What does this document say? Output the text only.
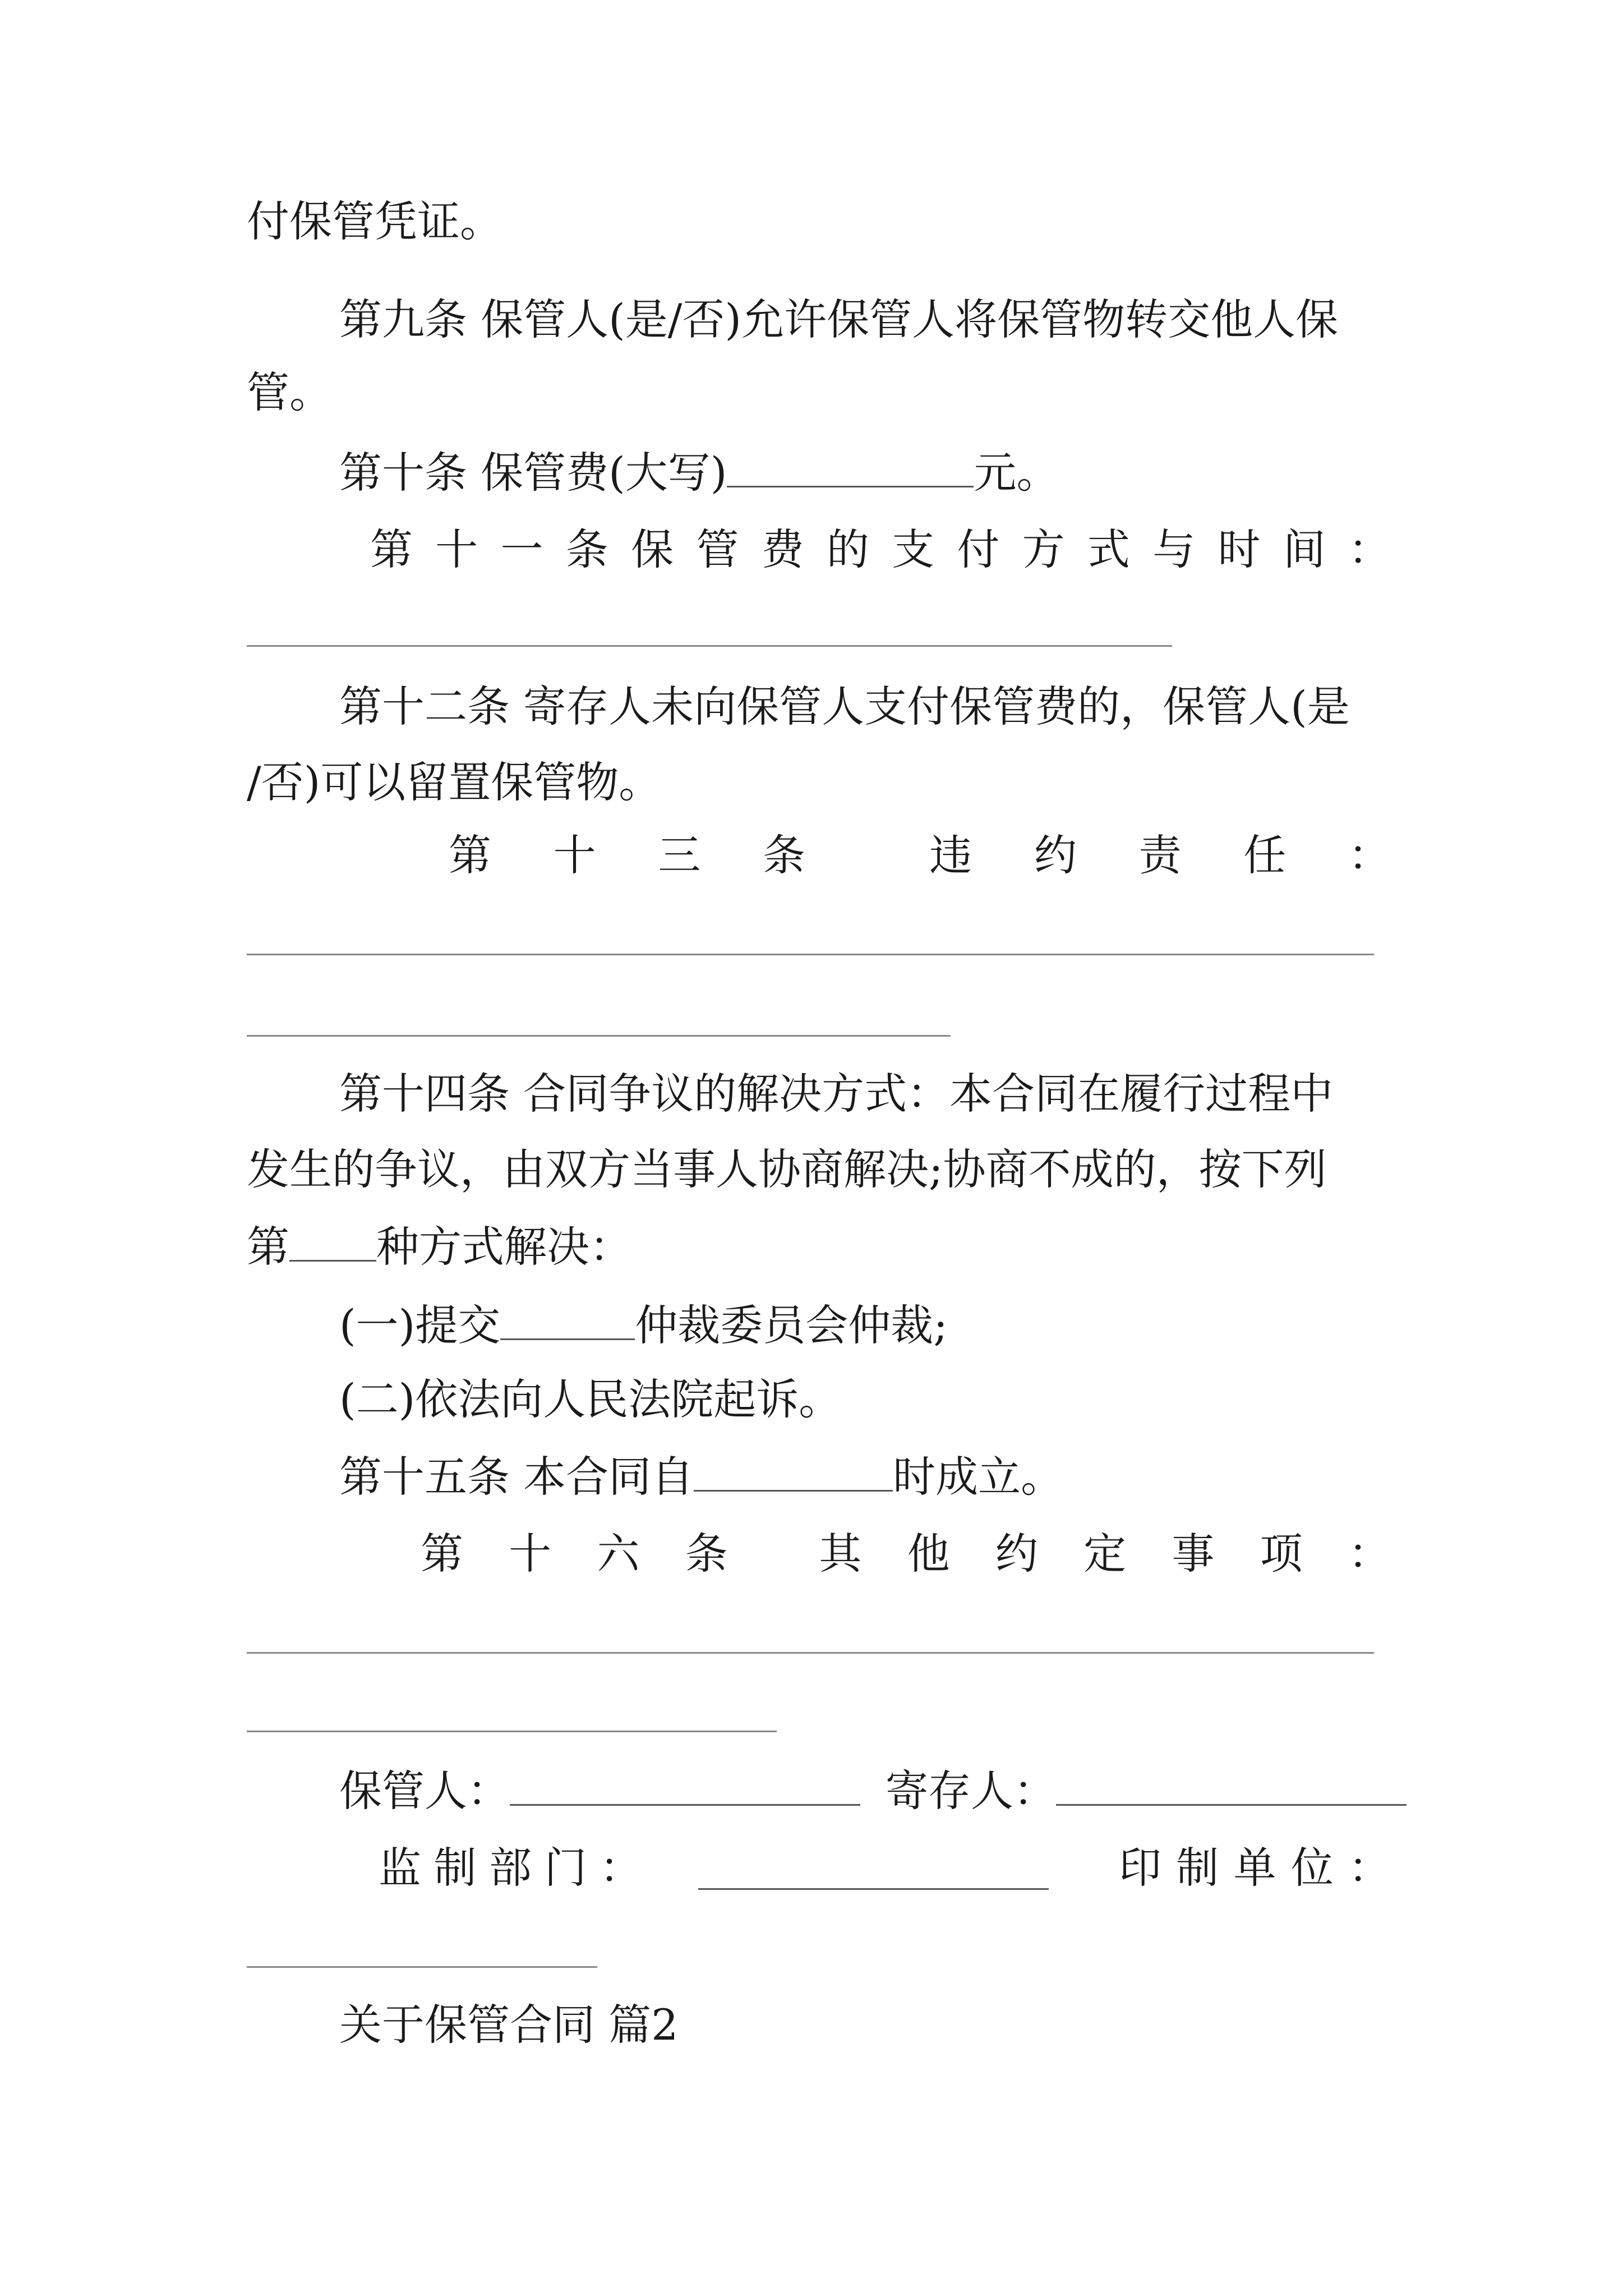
付保管凭证。
第九条 保管人(是/否)允许保管人将保管物转交他人保
管。
第十条 保管费(大写)	元。
第 十 一 条 保 管 费 的 支 付 方 式 与 时 间 ：
第十二条 寄存人未向保管人支付保管费的，保管人(是
/否)可以留置保管物。
第 十 三 条	违 约 责 任 ：
第十四条 合同争议的解决方式：本合同在履行过程中
发生的争议，由双方当事人协商解决;协商不成的，按下列
第 种方式解决：
(一)提交	仲裁委员会仲裁;
(二)依法向人民法院起诉。
第十五条 本合同自	时成立。
第 十 六 条 其 他 约 定 事 项 ：
保管人：	寄存人：
监 制 部 门 ：	印 制 单 位 ：
关于保管合同 篇2
